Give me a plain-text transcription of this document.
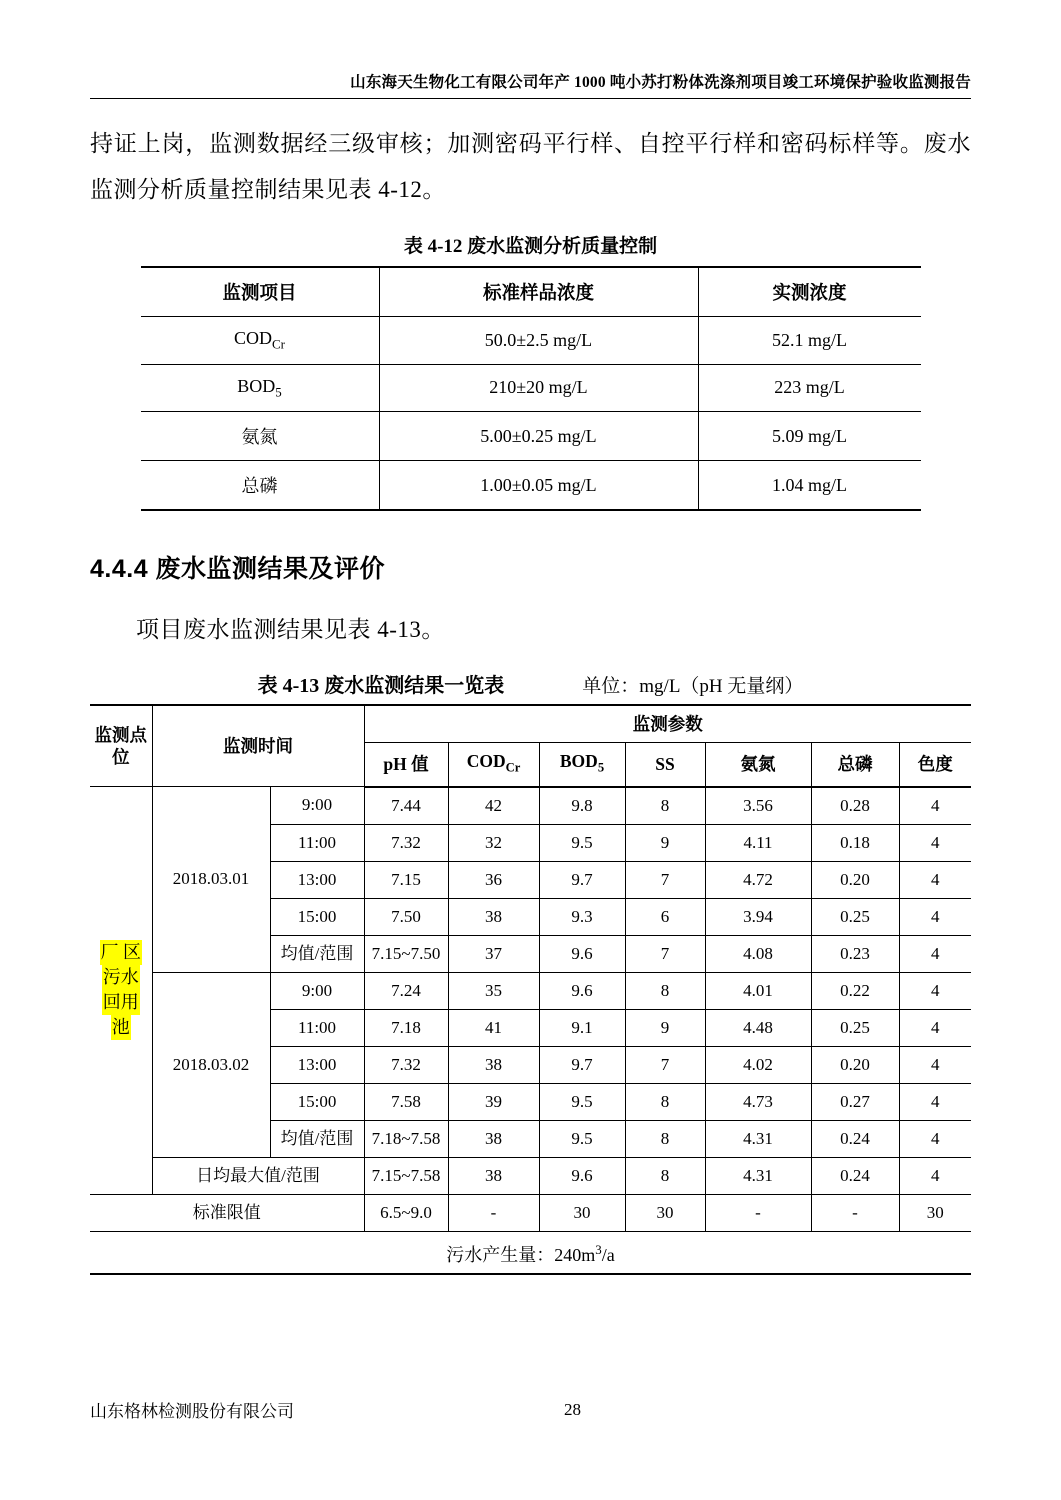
山东海天生物化工有限公司年产 1000 吨小苏打粉体洗涤剂项目竣工环境保护验收监测报告
持证上岗，监测数据经三级审核；加测密码平行样、自控平行样和密码标样等。废水监测分析质量控制结果见表 4-12。
表 4-12 废水监测分析质量控制
监测项目	标准样品浓度	实测浓度
$COD_{Cr}$	50.0±2.5 mg/L	52.1 mg/L
$BOD_5$	210±20 mg/L	223 mg/L
氨氮	5.00±0.25 mg/L	5.09 mg/L
总磷	1.00±0.05 mg/L	1.04 mg/L
4.4.4 废水监测结果及评价
项目废水监测结果见表 4-13。
表 4-13 废水监测结果一览表	单位：mg/L（pH 无量纲）
监测点位	监测时间		监测参数						
			pH 值	$COD_{Cr}$	$BOD_5$	SS	氨氮	总磷	色度
厂 区
污水
回用
池	2018.03.01	9:00	7.44	42	9.8	8	3.56	0.28	4
		11:00	7.32	32	9.5	9	4.11	0.18	4
		13:00	7.15	36	9.7	7	4.72	0.20	4
		15:00	7.50	38	9.3	6	3.94	0.25	4
		均值/范围	7.15~7.50	37	9.6	7	4.08	0.23	4
	2018.03.02	9:00	7.24	35	9.6	8	4.01	0.22	4
		11:00	7.18	41	9.1	9	4.48	0.25	4
		13:00	7.32	38	9.7	7	4.02	0.20	4
		15:00	7.58	39	9.5	8	4.73	0.27	4
		均值/范围	7.18~7.58	38	9.5	8	4.31	0.24	4
	日均最大值/范围		7.15~7.58	38	9.6	8	4.31	0.24	4
标准限值			6.5~9.0	-	30	30	-	-	30
污水产生量：$240m^3/a$									
山东格林检测股份有限公司	28
